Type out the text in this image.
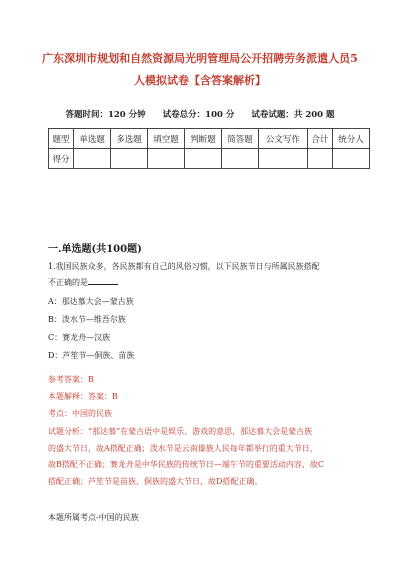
广东深圳市规划和自然资源局光明管理局公开招聘劳务派遣人员5
人模拟试卷【含答案解析】
答题时间：120 分钟　　试卷总分：100 分　　试卷试题：共 200 题
题型	单选题	多选题	填空题	判断题	简答题	公文写作	合计	统分人
得分								
一.单选题(共100题)
1.我国民族众多，各民族都有自己的风俗习惯，以下民族节日与所属民族搭配
不正确的是
A：那达慕大会—蒙古族
B：泼水节—维吾尔族
C：赛龙舟—汉族
D：芦笙节—侗族、苗族
参考答案：B
本题解释：答案：B
考点：中国的民族
试题分析：“那达慕”在蒙古语中是娱乐、游戏的意思，那达慕大会是蒙古族
的盛大节日，故A搭配正确；泼水节是云南傣族人民每年都举行的重大节日，
故B搭配不正确；赛龙舟是中华民族的传统节日—端午节的重要活动内容，故C
搭配正确；芦笙节是苗族、侗族的盛大节日，故D搭配正确。
本题所属考点-中国的民族
